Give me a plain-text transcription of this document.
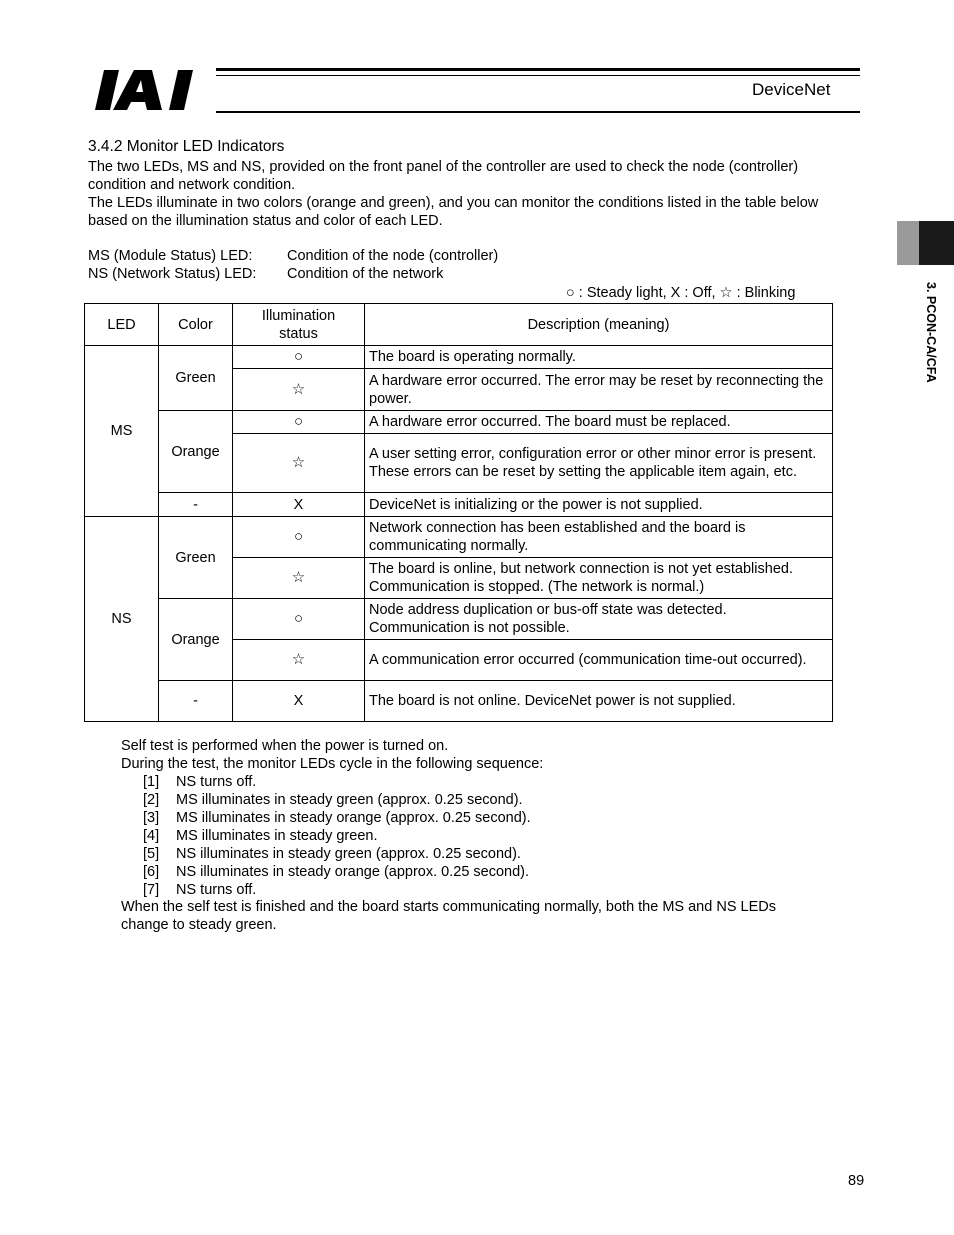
DeviceNet
3. PCON-CA/CFA
3.4.2 Monitor LED Indicators
The two LEDs, MS and NS, provided on the front panel of the controller are used to check the node (controller)
condition and network condition.
The LEDs illuminate in two colors (orange and green), and you can monitor the conditions listed in the table below
based on the illumination status and color of each LED.
MS (Module Status) LED: Condition of the node (controller)
NS (Network Status) LED: Condition of the network
○ : Steady light, X : Off, ☆ : Blinking
LED	Color	Illumination status	Description (meaning)
MS	Green	○	The board is operating normally.
		☆	A hardware error occurred. The error may be reset by reconnecting the power.
	Orange	○	A hardware error occurred. The board must be replaced.
		☆	A user setting error, configuration error or other minor error is present. These errors can be reset by setting the applicable item again, etc.
	-	X	DeviceNet is initializing or the power is not supplied.
NS	Green	○	Network connection has been established and the board is communicating normally.
		☆	The board is online, but network connection is not yet established. Communication is stopped. (The network is normal.)
	Orange	○	Node address duplication or bus-off state was detected. Communication is not possible.
		☆	A communication error occurred (communication time-out occurred).
	-	X	The board is not online. DeviceNet power is not supplied.
Self test is performed when the power is turned on.
During the test, the monitor LEDs cycle in the following sequence:
[1] NS turns off.
[2] MS illuminates in steady green (approx. 0.25 second).
[3] MS illuminates in steady orange (approx. 0.25 second).
[4] MS illuminates in steady green.
[5] NS illuminates in steady green (approx. 0.25 second).
[6] NS illuminates in steady orange (approx. 0.25 second).
[7] NS turns off.
When the self test is finished and the board starts communicating normally, both the MS and NS LEDs
change to steady green.
89
